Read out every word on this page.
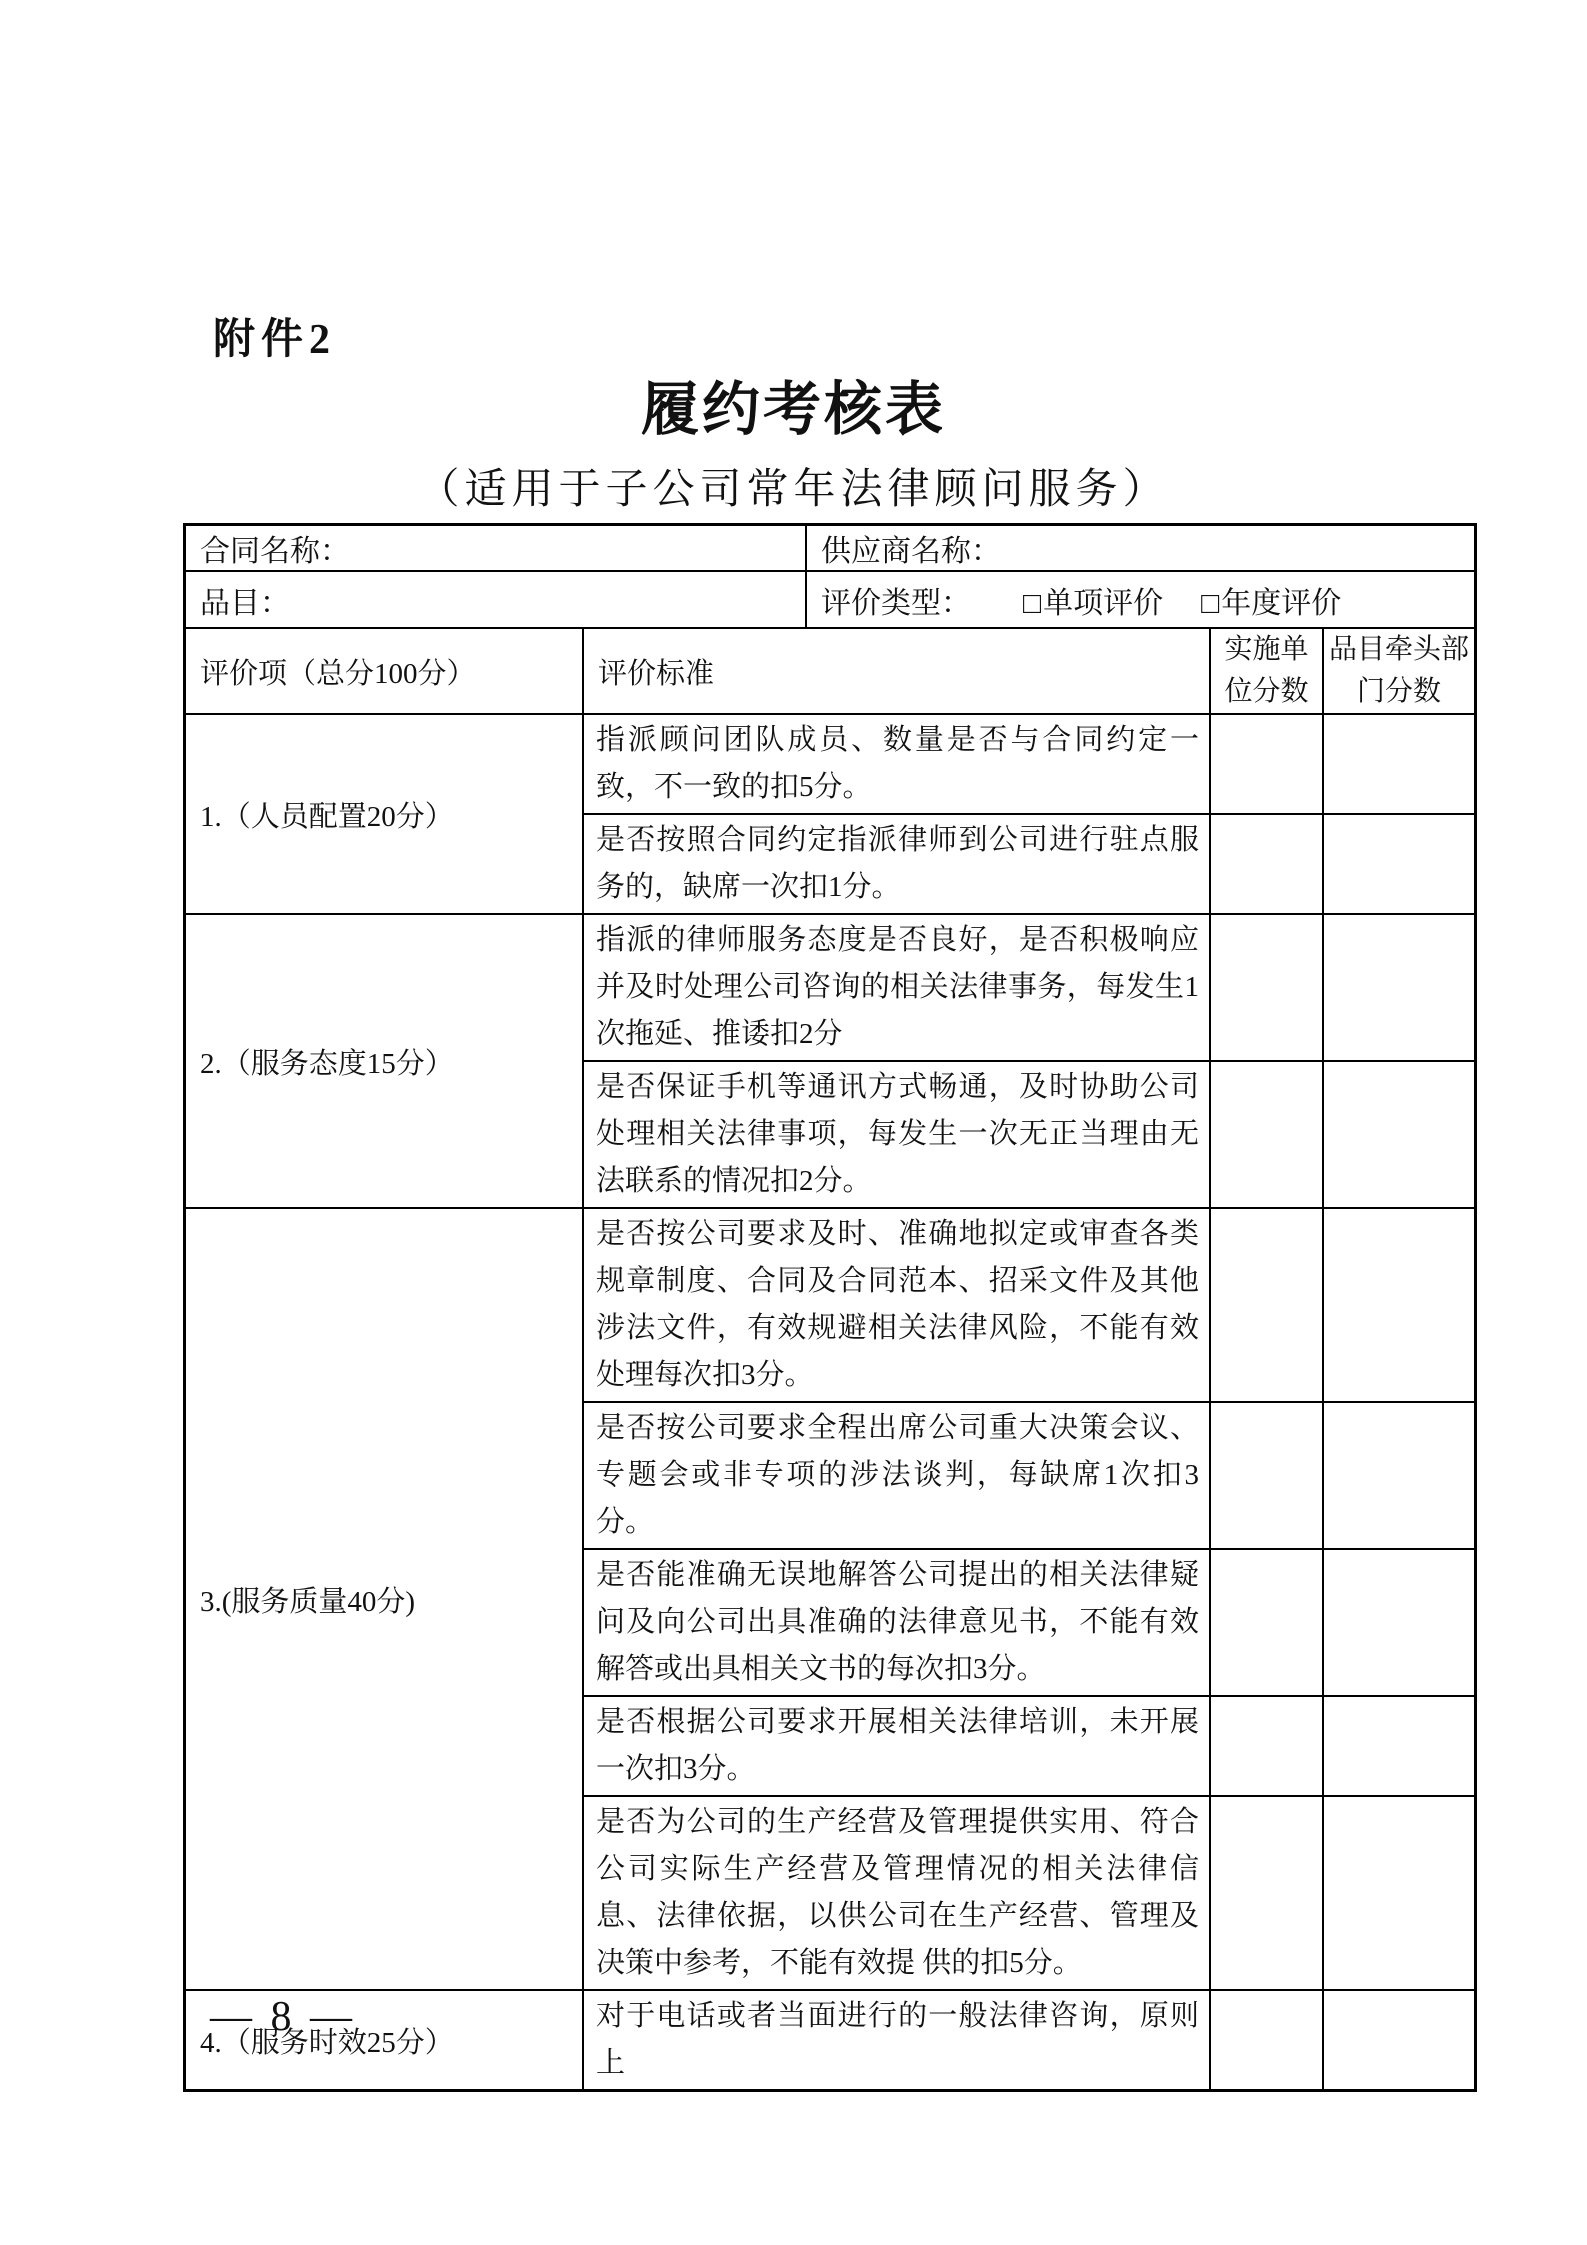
附件2
履约考核表
（适用于子公司常年法律顾问服务）
合同名称：	供应商名称：
品目：	评价类型： □单项评价 □年度评价
评价项（总分100分）	评价标准	实施单位分数	品目牵头部门分数
1.（人员配置20分）	指派顾问团队成员、数量是否与合同约定一致，不一致的扣5分。		
	是否按照合同约定指派律师到公司进行驻点服务的，缺席一次扣1分。		
2.（服务态度15分）	指派的律师服务态度是否良好，是否积极响应并及时处理公司咨询的相关法律事务，每发生1次拖延、推诿扣2分		
	是否保证手机等通讯方式畅通，及时协助公司处理相关法律事项，每发生一次无正当理由无法联系的情况扣2分。		
3.(服务质量40分)	是否按公司要求及时、准确地拟定或审查各类规章制度、合同及合同范本、招采文件及其他涉法文件，有效规避相关法律风险，不能有效处理每次扣3分。		
	是否按公司要求全程出席公司重大决策会议、专题会或非专项的涉法谈判，每缺席1次扣3分。		
	是否能准确无误地解答公司提出的相关法律疑问及向公司出具准确的法律意见书，不能有效解答或出具相关文书的每次扣3分。		
	是否根据公司要求开展相关法律培训，未开展一次扣3分。		
	是否为公司的生产经营及管理提供实用、符合公司实际生产经营及管理情况的相关法律信息、法律依据，以供公司在生产经营、管理及决策中参考，不能有效提 供的扣5分。		
4.（服务时效25分）	对于电话或者当面进行的一般法律咨询，原则上		
— 8 —
